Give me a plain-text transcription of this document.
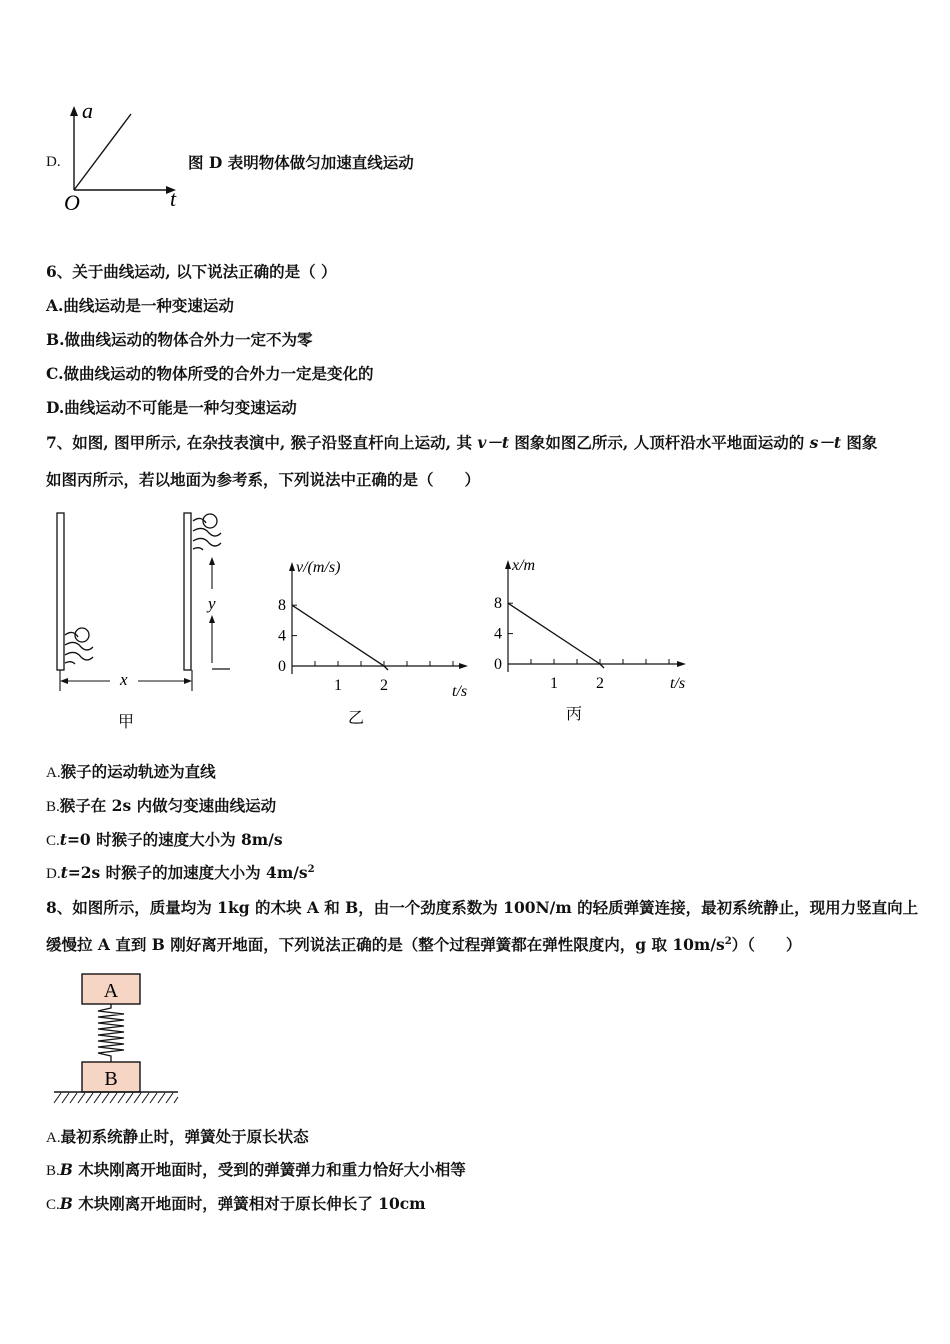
D.
a
t
O
图 D 表明物体做匀加速直线运动
6、关于曲线运动, 以下说法正确的是（ ）
A.曲线运动是一种变速运动
B.做曲线运动的物体合外力一定不为零
C.做曲线运动的物体所受的合外力一定是变化的
D.曲线运动不可能是一种匀变速运动
7、如图, 图甲所示, 在杂技表演中, 猴子沿竖直杆向上运动, 其 v－t 图象如图乙所示, 人顶杆沿水平地面运动的 s－t 图象
如图丙所示，若以地面为参考系，下列说法中正确的是（　　）
y
x
甲
v/(m/s)
t/s
乙
0
4
8
1 2
x/m
t/s
丙
0
4
8
1 2
A.猴子的运动轨迹为直线
B.猴子在 2s 内做匀变速曲线运动
C.t=0 时猴子的速度大小为 8m/s
D.t=2s 时猴子的加速度大小为 $4m/s^2$
8、如图所示，质量均为 1kg 的木块 A 和 B，由一个劲度系数为 100N/m 的轻质弹簧连接，最初系统静止，现用力竖直向上
缓慢拉 A 直到 B 刚好离开地面，下列说法正确的是（整个过程弹簧都在弹性限度内，g 取 $10m/s^2$）（　　）
A
B
A.最初系统静止时，弹簧处于原长状态
B.B 木块刚离开地面时，受到的弹簧弹力和重力恰好大小相等
C.B 木块刚离开地面时，弹簧相对于原长伸长了 10cm
